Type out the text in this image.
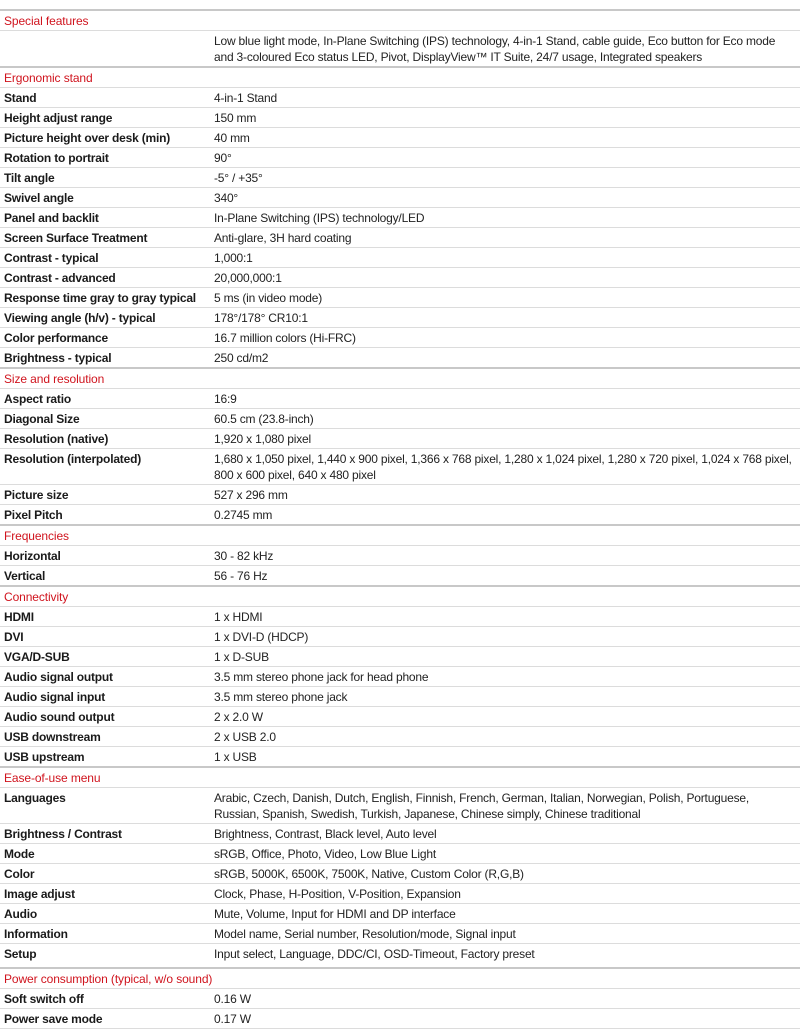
Special features
Low blue light mode, In-Plane Switching (IPS) technology, 4-in-1 Stand, cable guide, Eco button for Eco mode and 3-coloured Eco status LED, Pivot, DisplayView™ IT Suite, 24/7 usage, Integrated speakers
Ergonomic stand
Stand	4-in-1 Stand
Height adjust range	150 mm
Picture height over desk (min)	40 mm
Rotation to portrait	90°
Tilt angle	-5° / +35°
Swivel angle	340°
Panel and backlit	In-Plane Switching (IPS) technology/LED
Screen Surface Treatment	Anti-glare, 3H hard coating
Contrast - typical	1,000:1
Contrast - advanced	20,000,000:1
Response time gray to gray typical	5 ms (in video mode)
Viewing angle (h/v) - typical	178°/178° CR10:1
Color performance	16.7 million colors (Hi-FRC)
Brightness - typical	250 cd/m2
Size and resolution
Aspect ratio	16:9
Diagonal Size	60.5 cm (23.8-inch)
Resolution (native)	1,920 x 1,080 pixel
Resolution (interpolated)	1,680 x 1,050 pixel, 1,440 x 900 pixel, 1,366 x 768 pixel, 1,280 x 1,024 pixel, 1,280 x 720 pixel, 1,024 x 768 pixel, 800 x 600 pixel, 640 x 480 pixel
Picture size	527 x 296 mm
Pixel Pitch	0.2745 mm
Frequencies
Horizontal	30 - 82 kHz
Vertical	56 - 76 Hz
Connectivity
HDMI	1 x HDMI
DVI	1 x DVI-D (HDCP)
VGA/D-SUB	1 x D-SUB
Audio signal output	3.5 mm stereo phone jack for head phone
Audio signal input	3.5 mm stereo phone jack
Audio sound output	2 x 2.0 W
USB downstream	2 x USB 2.0
USB upstream	1 x USB
Ease-of-use menu
Languages	Arabic, Czech, Danish, Dutch, English, Finnish, French, German, Italian, Norwegian, Polish, Portuguese, Russian, Spanish, Swedish, Turkish, Japanese, Chinese simply, Chinese traditional
Brightness / Contrast	Brightness, Contrast, Black level, Auto level
Mode	sRGB, Office, Photo, Video, Low Blue Light
Color	sRGB, 5000K, 6500K, 7500K, Native, Custom Color (R,G,B)
Image adjust	Clock, Phase, H-Position, V-Position, Expansion
Audio	Mute, Volume, Input for HDMI and DP interface
Information	Model name, Serial number, Resolution/mode, Signal input
Setup	Input select, Language, DDC/CI, OSD-Timeout, Factory preset
Power consumption (typical, w/o sound)
Soft switch off	0.16 W
Power save mode	0.17 W
